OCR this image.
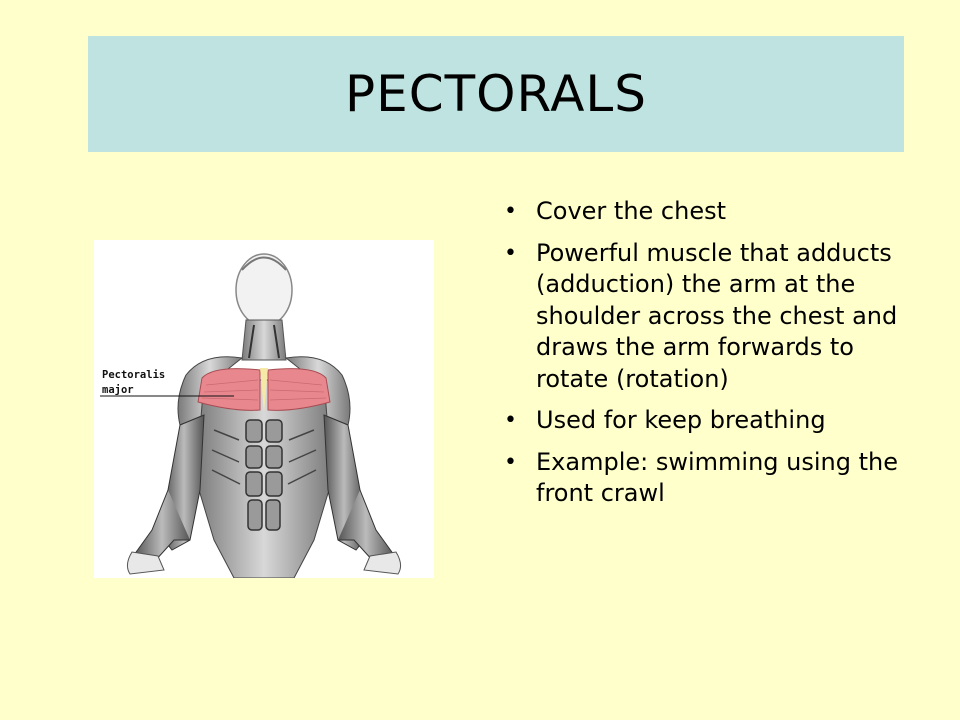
PECTORALS
Pectoralis
major
• Cover the chest
• Powerful muscle that adducts (adduction) the arm at the shoulder across the chest and draws the arm forwards to rotate (rotation)
• Used for keep breathing
• Example: swimming using the front crawl
